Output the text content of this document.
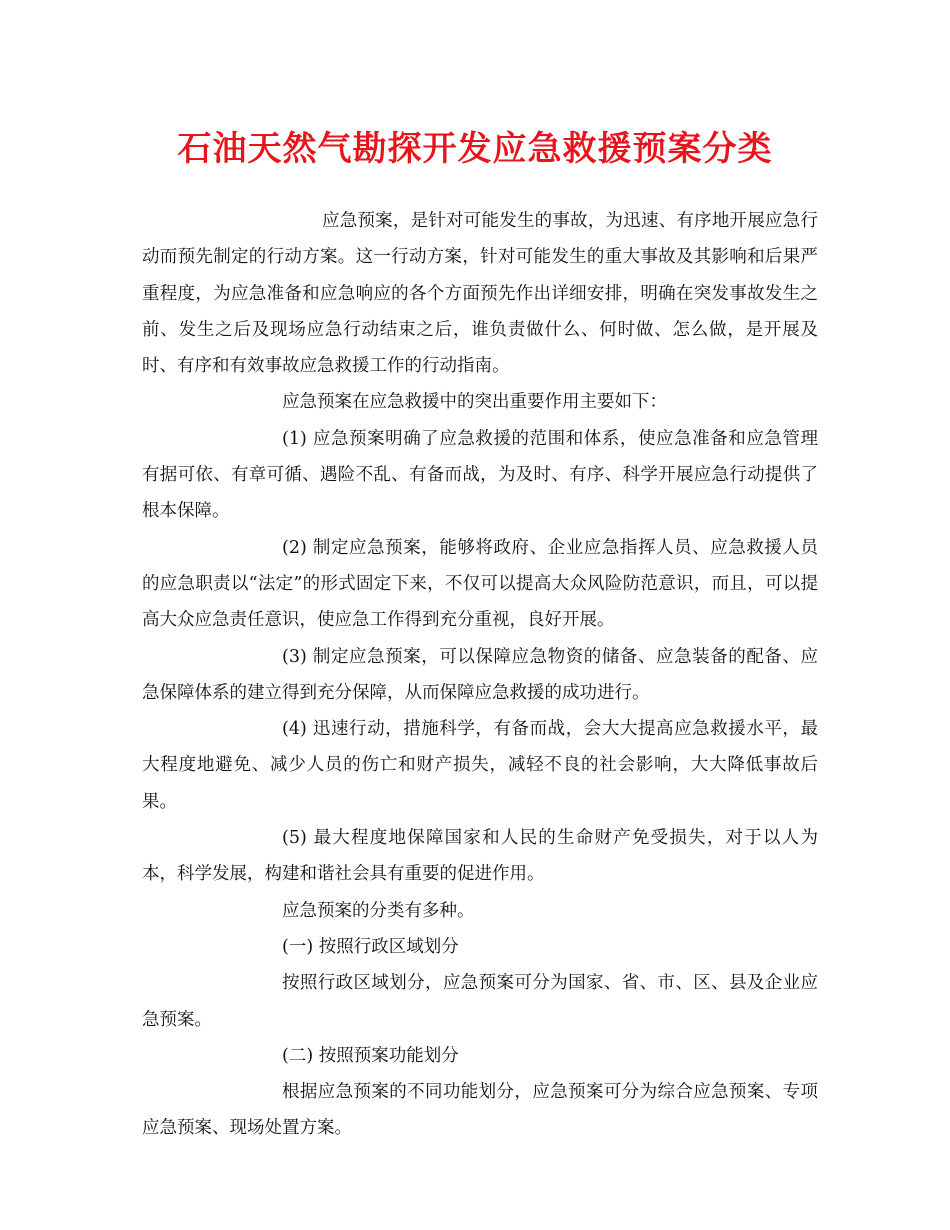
石油天然气勘探开发应急救援预案分类

应急预案，是针对可能发生的事故，为迅速、有序地开展应急行动而预先制定的行动方案。这一行动方案，针对可能发生的重大事故及其影响和后果严重程度，为应急准备和应急响应的各个方面预先作出详细安排，明确在突发事故发生之前、发生之后及现场应急行动结束之后，谁负责做什么、何时做、怎么做，是开展及时、有序和有效事故应急救援工作的行动指南。

应急预案在应急救援中的突出重要作用主要如下：

(1) 应急预案明确了应急救援的范围和体系，使应急准备和应急管理有据可依、有章可循、遇险不乱、有备而战，为及时、有序、科学开展应急行动提供了根本保障。

(2) 制定应急预案，能够将政府、企业应急指挥人员、应急救援人员的应急职责以“法定”的形式固定下来，不仅可以提高大众风险防范意识，而且，可以提高大众应急责任意识，使应急工作得到充分重视，良好开展。

(3) 制定应急预案，可以保障应急物资的储备、应急装备的配备、应急保障体系的建立得到充分保障，从而保障应急救援的成功进行。

(4) 迅速行动，措施科学，有备而战，会大大提高应急救援水平，最大程度地避免、减少人员的伤亡和财产损失，减轻不良的社会影响，大大降低事故后果。

(5) 最大程度地保障国家和人民的生命财产免受损失，对于以人为本，科学发展，构建和谐社会具有重要的促进作用。

应急预案的分类有多种。

(一) 按照行政区域划分

按照行政区域划分，应急预案可分为国家、省、市、区、县及企业应急预案。

(二) 按照预案功能划分

根据应急预案的不同功能划分，应急预案可分为综合应急预案、专项应急预案、现场处置方案。
